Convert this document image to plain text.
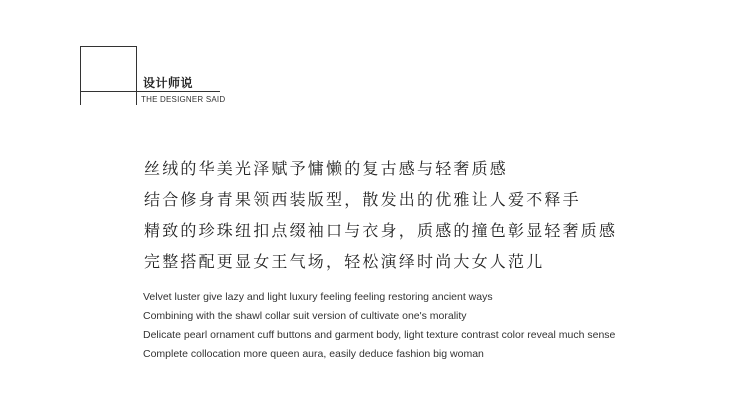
设计师说
THE DESIGNER SAID
丝绒的华美光泽赋予慵懒的复古感与轻奢质感
结合修身青果领西装版型，散发出的优雅让人爱不释手
精致的珍珠纽扣点缀袖口与衣身，质感的撞色彰显轻奢质感
完整搭配更显女王气场，轻松演绎时尚大女人范儿
Velvet luster give lazy and light luxury feeling feeling restoring ancient ways
Combining with the shawl collar suit version of cultivate one's morality
Delicate pearl ornament cuff buttons and garment body, light texture contrast color reveal much sense
Complete collocation more queen aura, easily deduce fashion big woman
